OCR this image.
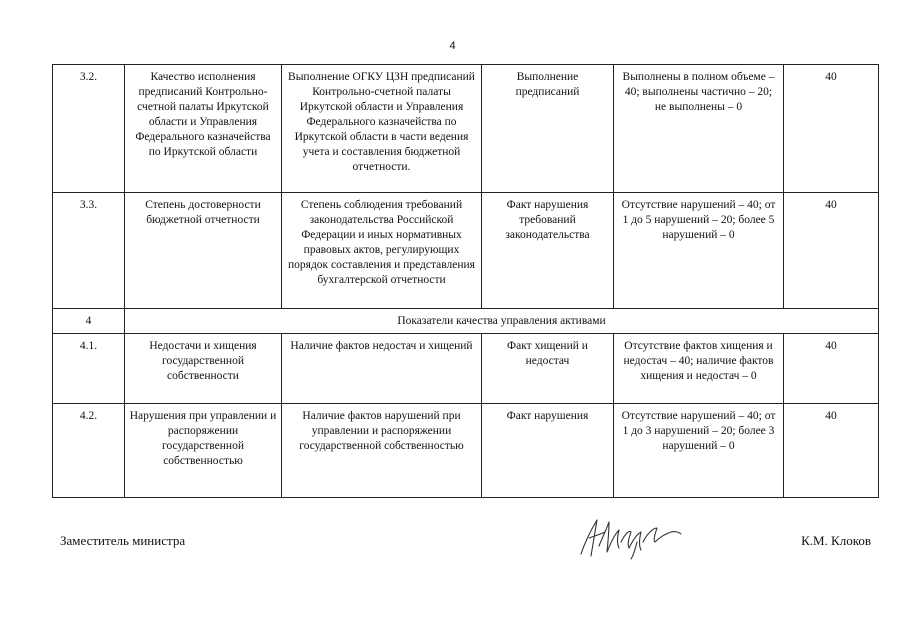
4
3.2.	Качество исполнения предписаний Контрольно-счетной палаты Иркутской области и Управления Федерального казначейства по Иркутской области	Выполнение ОГКУ ЦЗН предписаний Контрольно-счетной палаты Иркутской области и Управления Федерального казначейства по Иркутской области в части ведения учета и составления бюджетной отчетности.	Выполнение предписаний	Выполнены в полном объеме – 40; выполнены частично – 20; не выполнены – 0	40
3.3.	Степень достоверности бюджетной отчетности	Степень соблюдения требований законодательства Российской Федерации и иных нормативных правовых актов, регулирующих порядок составления и представления бухгалтерской отчетности	Факт нарушения требований законодательства	Отсутствие нарушений – 40; от 1 до 5 нарушений – 20; более 5 нарушений – 0	40
4	Показатели качества управления активами				
4.1.	Недостачи и хищения государственной собственности	Наличие фактов недостач и хищений	Факт хищений и недостач	Отсутствие фактов хищения и недостач – 40; наличие фактов хищения и недостач – 0	40
4.2.	Нарушения при управлении и распоряжении государственной собственностью	Наличие фактов нарушений при управлении и распоряжении государственной собственностью	Факт нарушения	Отсутствие нарушений – 40; от 1 до 3 нарушений – 20; более 3 нарушений – 0	40
Заместитель министра	К.М. Клоков
